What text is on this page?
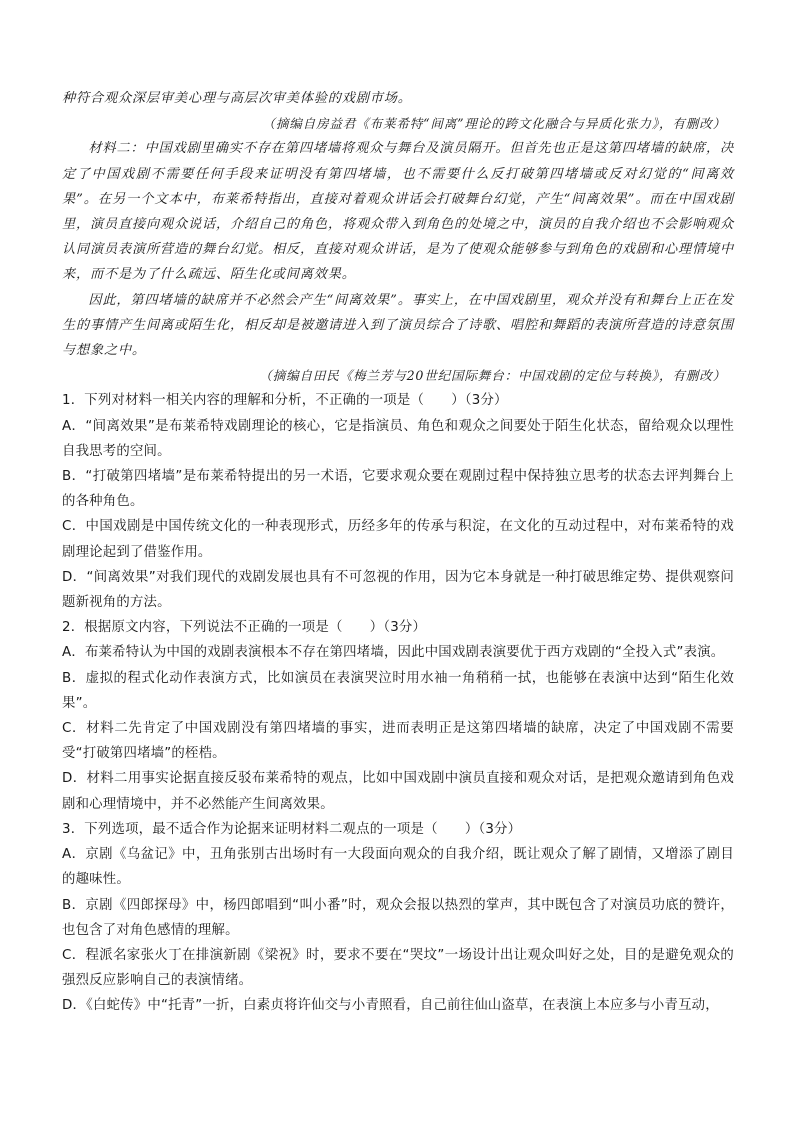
种符合观众深层审美心理与高层次审美体验的戏剧市场。

（摘编自房益君《布莱希特“间离”理论的跨文化融合与异质化张力》，有删改）

材料二：中国戏剧里确实不存在第四堵墙将观众与舞台及演员隔开。但首先也正是这第四堵墙的缺席，决定了中国戏剧不需要任何手段来证明没有第四堵墙，也不需要什么反打破第四堵墙或反对幻觉的“间离效果”。在另一个文本中，布莱希特指出，直接对着观众讲话会打破舞台幻觉，产生“间离效果”。而在中国戏剧里，演员直接向观众说话，介绍自己的角色，将观众带入到角色的处境之中，演员的自我介绍也不会影响观众认同演员表演所营造的舞台幻觉。相反，直接对观众讲话，是为了使观众能够参与到角色的戏剧和心理情境中来，而不是为了什么疏远、陌生化或间离效果。

因此，第四堵墙的缺席并不必然会产生“间离效果”。事实上，在中国戏剧里，观众并没有和舞台上正在发生的事情产生间离或陌生化，相反却是被邀请进入到了演员综合了诗歌、唱腔和舞蹈的表演所营造的诗意氛围与想象之中。

（摘编自田民《梅兰芳与20世纪国际舞台：中国戏剧的定位与转换》，有删改）

1．下列对材料一相关内容的理解和分析，不正确的一项是（　　）（3分）

A．“间离效果”是布莱希特戏剧理论的核心，它是指演员、角色和观众之间要处于陌生化状态，留给观众以理性自我思考的空间。

B．“打破第四堵墙”是布莱希特提出的另一术语，它要求观众要在观剧过程中保持独立思考的状态去评判舞台上的各种角色。

C．中国戏剧是中国传统文化的一种表现形式，历经多年的传承与积淀，在文化的互动过程中，对布莱希特的戏剧理论起到了借鉴作用。

D．“间离效果”对我们现代的戏剧发展也具有不可忽视的作用，因为它本身就是一种打破思维定势、提供观察问题新视角的方法。

2．根据原文内容，下列说法不正确的一项是（　　）（3分）

A．布莱希特认为中国的戏剧表演根本不存在第四堵墙，因此中国戏剧表演要优于西方戏剧的“全投入式”表演。

B．虚拟的程式化动作表演方式，比如演员在表演哭泣时用水袖一角稍稍一拭，也能够在表演中达到“陌生化效果”。

C．材料二先肯定了中国戏剧没有第四堵墙的事实，进而表明正是这第四堵墙的缺席，决定了中国戏剧不需要受“打破第四堵墙”的桎梏。

D．材料二用事实论据直接反驳布莱希特的观点，比如中国戏剧中演员直接和观众对话，是把观众邀请到角色戏剧和心理情境中，并不必然能产生间离效果。

3．下列选项，最不适合作为论据来证明材料二观点的一项是（　　）（3分）

A．京剧《乌盆记》中，丑角张别古出场时有一大段面向观众的自我介绍，既让观众了解了剧情，又增添了剧目的趣味性。

B．京剧《四郎探母》中，杨四郎唱到“叫小番”时，观众会报以热烈的掌声，其中既包含了对演员功底的赞许，也包含了对角色感情的理解。

C．程派名家张火丁在排演新剧《梁祝》时，要求不要在“哭坟”一场设计出让观众叫好之处，目的是避免观众的强烈反应影响自己的表演情绪。

D．《白蛇传》中“托青”一折，白素贞将许仙交与小青照看，自己前往仙山盗草，在表演上本应多与小青互动，
